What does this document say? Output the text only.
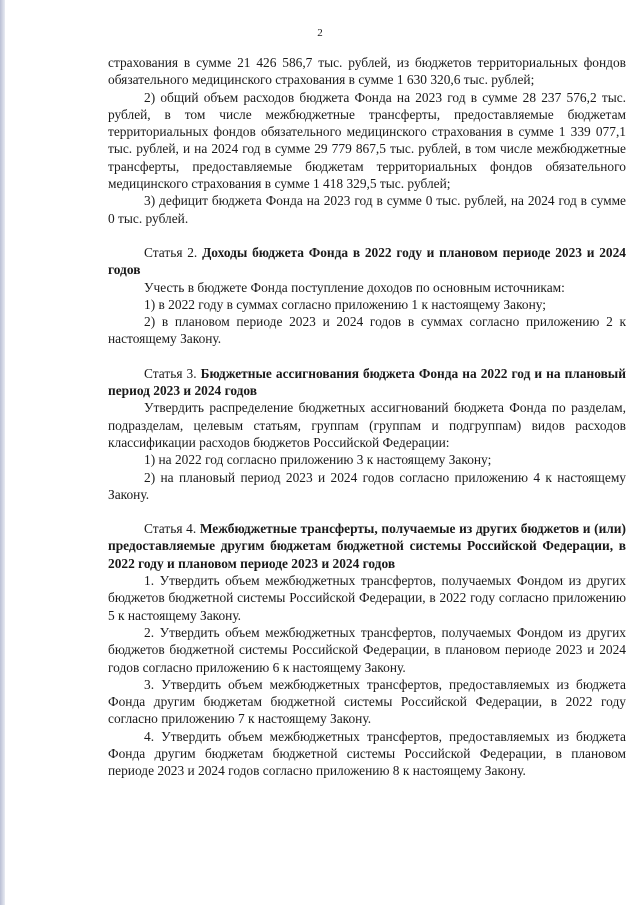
2

страхования в сумме 21 426 586,7 тыс. рублей, из бюджетов территориальных фондов обязательного медицинского страхования в сумме 1 630 320,6 тыс. рублей;

2) общий объем расходов бюджета Фонда на 2023 год в сумме 28 237 576,2 тыс. рублей, в том числе межбюджетные трансферты, предоставляемые бюджетам территориальных фондов обязательного медицинского страхования в сумме 1 339 077,1 тыс. рублей, и на 2024 год в сумме 29 779 867,5 тыс. рублей, в том числе межбюджетные трансферты, предоставляемые бюджетам территориальных фондов обязательного медицинского страхования в сумме 1 418 329,5 тыс. рублей;

3) дефицит бюджета Фонда на 2023 год в сумме 0 тыс. рублей, на 2024 год в сумме 0 тыс. рублей.

Статья 2. Доходы бюджета Фонда в 2022 году и плановом периоде 2023 и 2024 годов

Учесть в бюджете Фонда поступление доходов по основным источникам:

1) в 2022 году в суммах согласно приложению 1 к настоящему Закону;

2) в плановом периоде 2023 и 2024 годов в суммах согласно приложению 2 к настоящему Закону.

Статья 3. Бюджетные ассигнования бюджета Фонда на 2022 год и на плановый период 2023 и 2024 годов

Утвердить распределение бюджетных ассигнований бюджета Фонда по разделам, подразделам, целевым статьям, группам (группам и подгруппам) видов расходов классификации расходов бюджетов Российской Федерации:

1) на 2022 год согласно приложению 3 к настоящему Закону;

2) на плановый период 2023 и 2024 годов согласно приложению 4 к настоящему Закону.

Статья 4. Межбюджетные трансферты, получаемые из других бюджетов и (или) предоставляемые другим бюджетам бюджетной системы Российской Федерации, в 2022 году и плановом периоде 2023 и 2024 годов

1. Утвердить объем межбюджетных трансфертов, получаемых Фондом из других бюджетов бюджетной системы Российской Федерации, в 2022 году согласно приложению 5 к настоящему Закону.

2. Утвердить объем межбюджетных трансфертов, получаемых Фондом из других бюджетов бюджетной системы Российской Федерации, в плановом периоде 2023 и 2024 годов согласно приложению 6 к настоящему Закону.

3. Утвердить объем межбюджетных трансфертов, предоставляемых из бюджета Фонда другим бюджетам бюджетной системы Российской Федерации, в 2022 году согласно приложению 7 к настоящему Закону.

4. Утвердить объем межбюджетных трансфертов, предоставляемых из бюджета Фонда другим бюджетам бюджетной системы Российской Федерации, в плановом периоде 2023 и 2024 годов согласно приложению 8 к настоящему Закону.
